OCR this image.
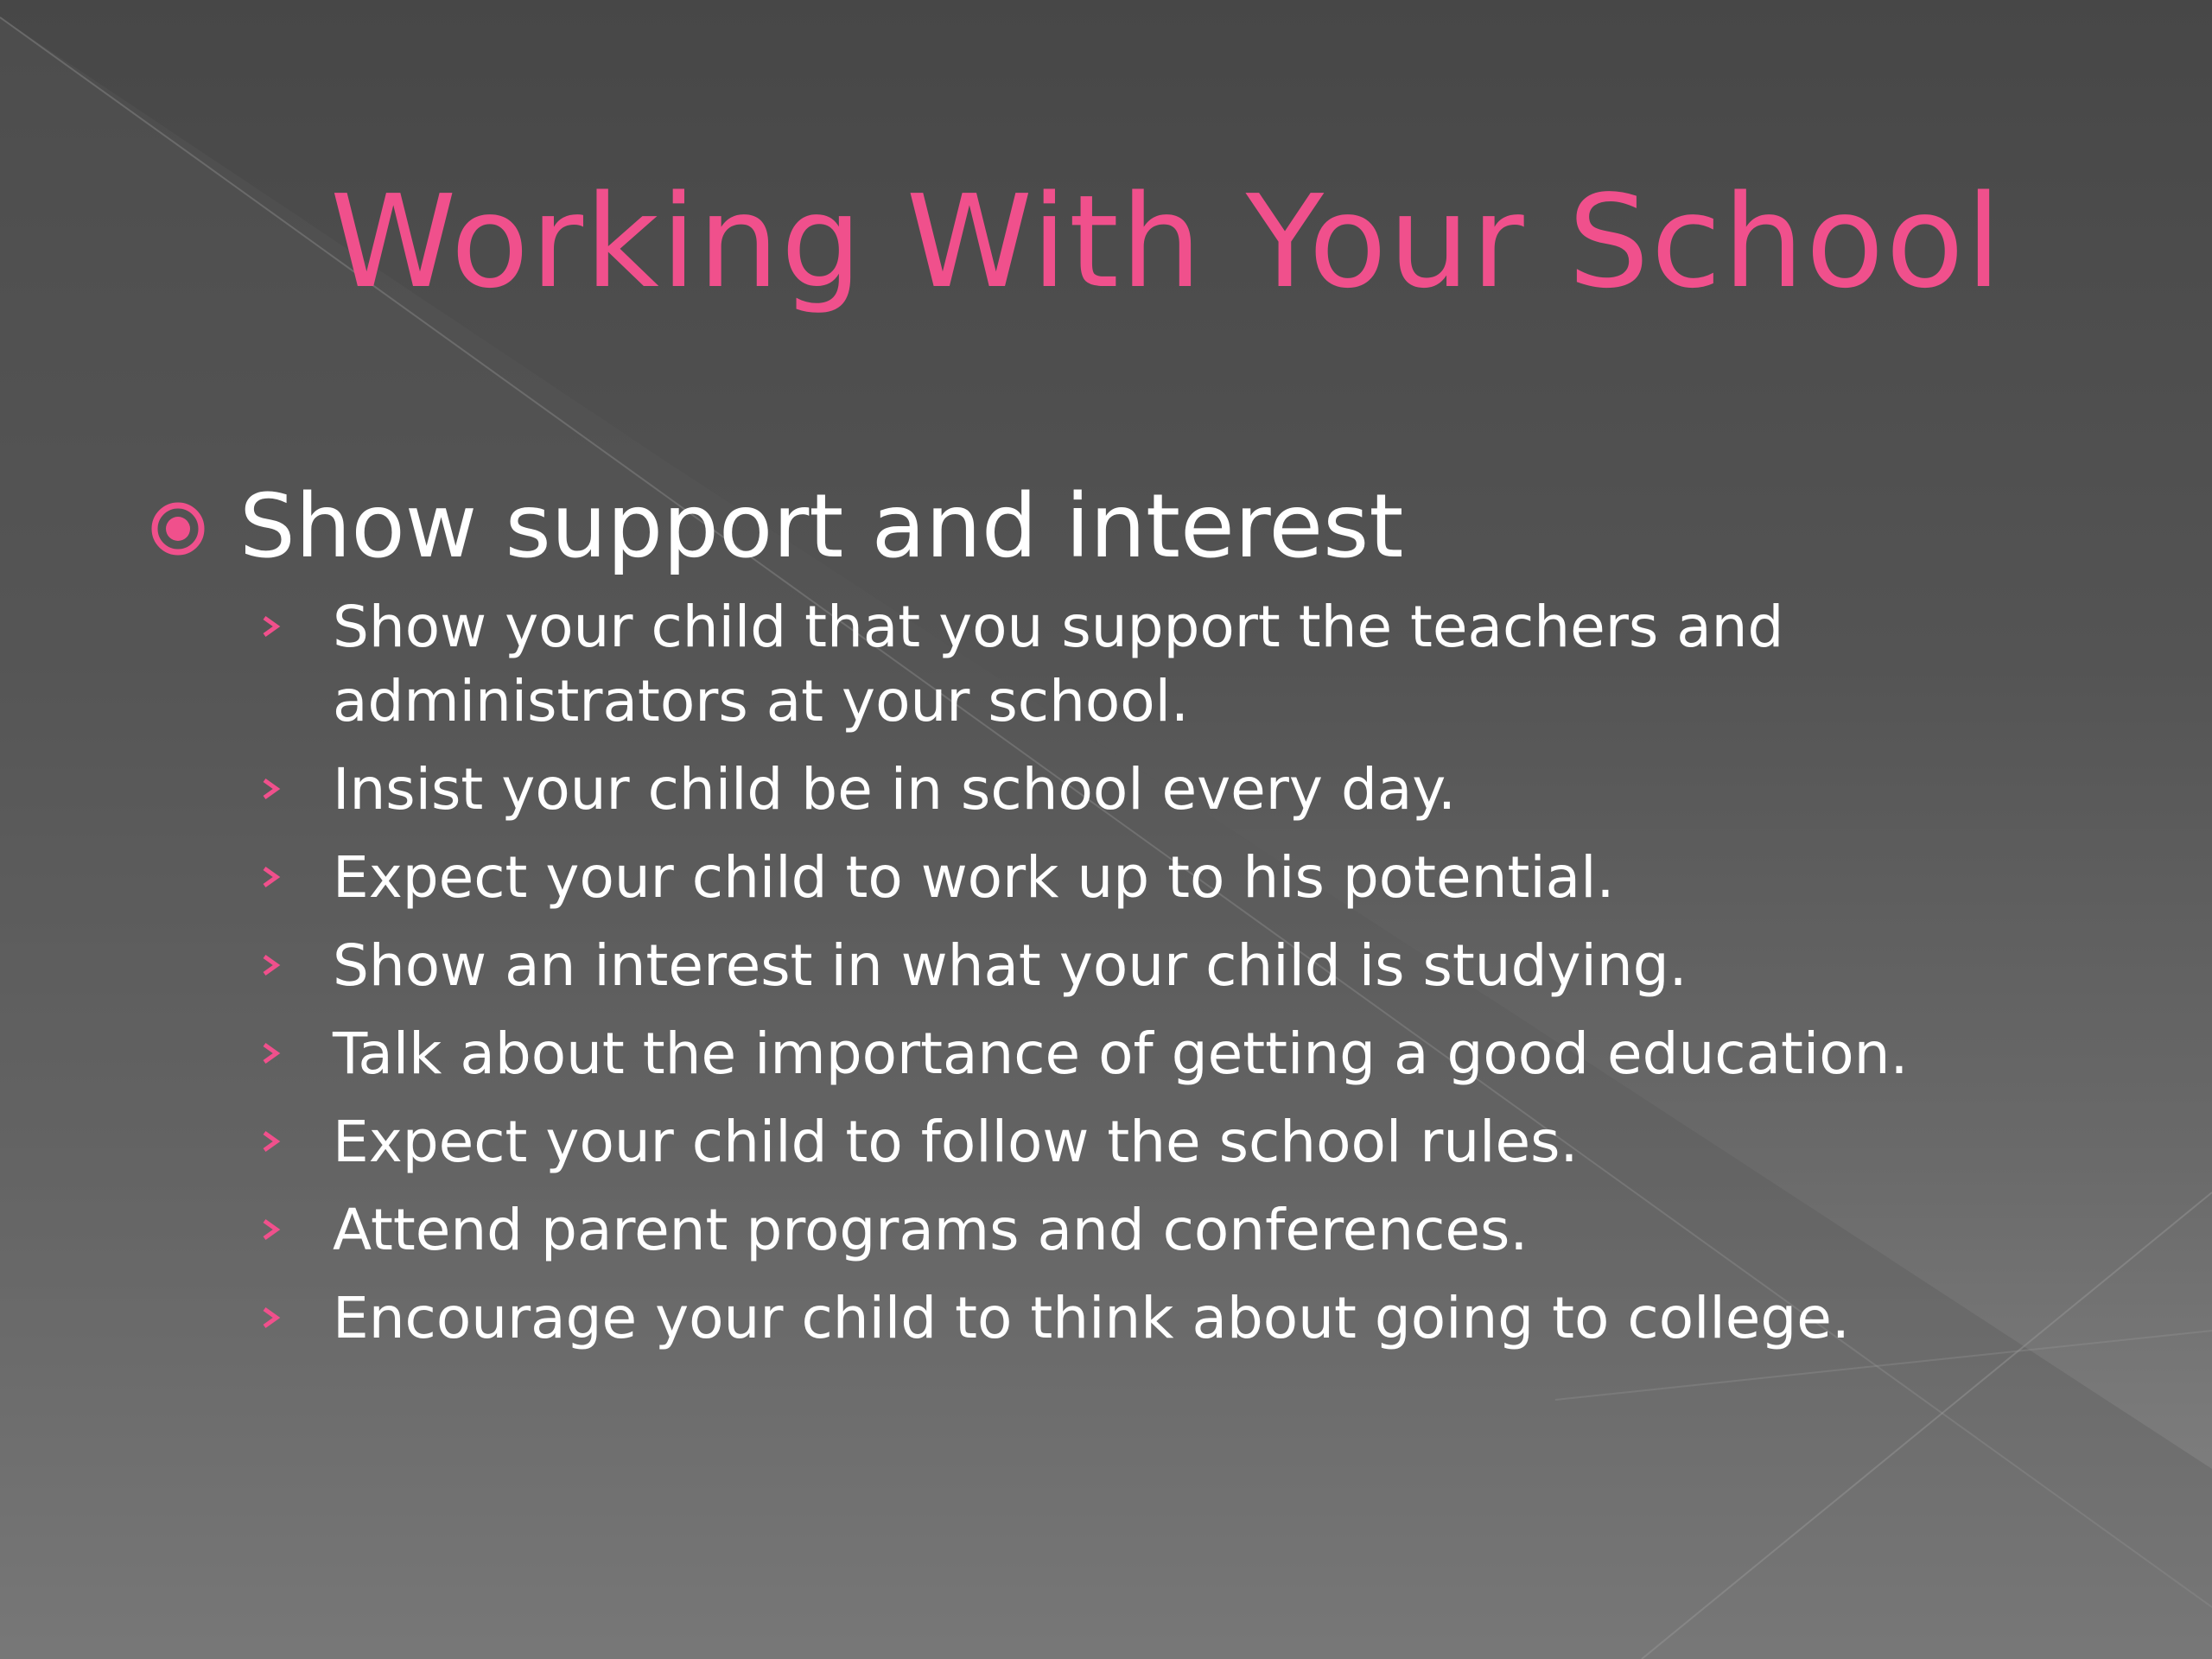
Working With Your School
Show support and interest
Show your child that you support the teachers and administrators at your school.
Insist your child be in school every day.
Expect your child to work up to his potential.
Show an interest in what your child is studying.
Talk about the importance of getting a good education.
Expect your child to follow the school rules.
Attend parent programs and conferences.
Encourage your child to think about going to college.
